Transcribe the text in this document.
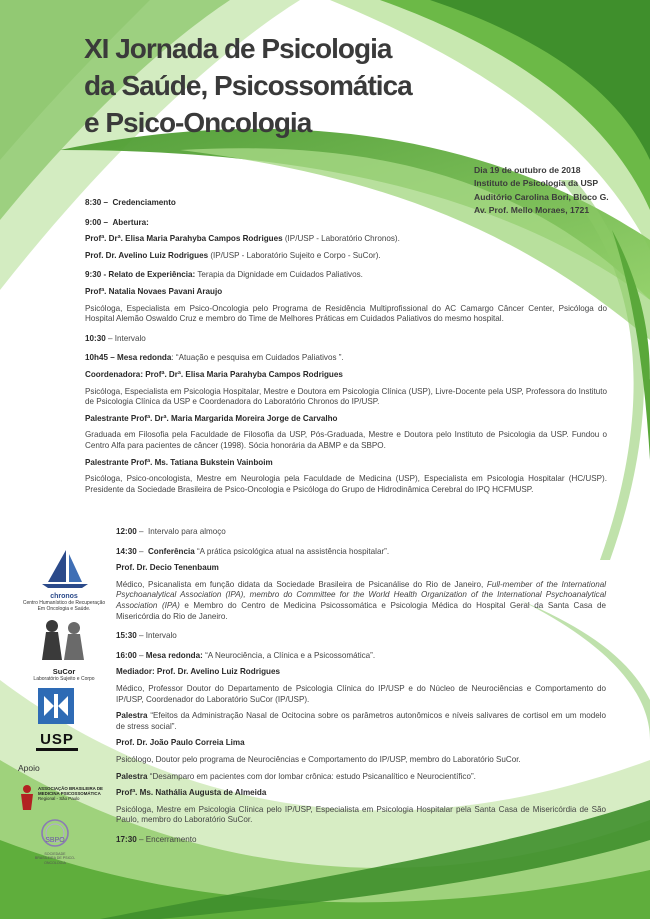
XI Jornada de Psicologia
da Saúde, Psicossomática
e Psico-Oncologia
Dia 19 de outubro de 2018
Instituto de Psicologia da USP
Auditório Carolina Bori, Bloco G.
Av. Prof. Mello Moraes, 1721

8:30 –  Credenciamento

9:00 –  Abertura:

Profª. Drª. Elisa Maria Parahyba Campos Rodrigues (IP/USP - Laboratório Chronos).

Prof. Dr. Avelino Luiz Rodrigues (IP/USP - Laboratório Sujeito e Corpo - SuCor).

9:30 - Relato de Experiência: Terapia da Dignidade em Cuidados Paliativos.

Profª. Natalia Novaes Pavani Araujo

Psicóloga, Especialista em Psico-Oncologia pelo Programa de Residência Multiprofissional do AC Camargo Câncer Center, Psicóloga do Hospital Alemão Oswaldo Cruz e membro do Time de Melhores Práticas em Cuidados Paliativos do mesmo hospital.

10:30 – Intervalo

10h45 – Mesa redonda: “Atuação e pesquisa em Cuidados Paliativos ”.

Coordenadora: Profª. Drª. Elisa Maria Parahyba Campos Rodrigues

Psicóloga, Especialista em Psicologia Hospitalar, Mestre e Doutora em Psicologia Clínica (USP), Livre-Docente pela USP, Professora do Instituto de Psicologia Clínica da USP e Coordenadora do Laboratório Chronos do IP/USP.

Palestrante Profª. Drª. Maria Margarida Moreira Jorge de Carvalho

Graduada em Filosofia pela Faculdade de Filosofia da USP, Pós-Graduada, Mestre e Doutora pelo Instituto de Psicologia da USP. Fundou o Centro Alfa para pacientes de câncer (1998). Sócia honorária da ABMP e da SBPO.

Palestrante Profª. Ms. Tatiana Bukstein Vainboim

Psicóloga, Psico-oncologista, Mestre em Neurologia pela Faculdade de Medicina (USP), Especialista em Psicologia Hospitalar (HC/USP). Presidente da Sociedade Brasileira de Psico-Oncologia e Psicóloga do Grupo de Hidrodinâmica Cerebral do IPQ HCFMUSP.

12:00 –  Intervalo para almoço

14:30 –  Conferência “A prática psicológica atual na assistência hospitalar”.

Prof. Dr. Decio Tenenbaum

Médico, Psicanalista em função didata da Sociedade Brasileira de Psicanálise do Rio de Janeiro, Full-member of the International Psychoanalytical Association (IPA), membro do Committee for the World Health Organization of the International Psychoanalytical Association (IPA) e Membro do Centro de Medicina Psicossomática e Psicologia Médica do Hospital Geral da Santa Casa de Misericórdia do Rio de Janeiro.

15:30 – Intervalo

16:00 – Mesa redonda: “A Neurociência, a Clínica e a Psicossomática”.

Mediador: Prof. Dr. Avelino Luiz Rodrigues

Médico, Professor Doutor do Departamento de Psicologia Clínica do IP/USP e do Núcleo de Neurociências e Comportamento do IP/USP, Coordenador do Laboratório SuCor (IP/USP).

Palestra “Efeitos da Administração Nasal de Ocitocina sobre os parâmetros autonômicos e níveis salivares de cortisol em um modelo de stress social”.

Prof. Dr. João Paulo Correia Lima

Psicólogo, Doutor pelo programa de Neurociências e Comportamento do IP/USP, membro do Laboratório SuCor.

Palestra “Desamparo em pacientes com dor lombar crônica: estudo Psicanalítico e Neurocientífico”.

Profª. Ms. Nathália Augusta de Almeida

Psicóloga, Mestre em Psicologia Clínica pelo IP/USP, Especialista em Psicologia Hospitalar pela Santa Casa de Misericórdia de São Paulo, membro do Laboratório SuCor.

17:30 – Encerramento

chronos
Centro Humanístico de Recuperação Em Oncologia e Saúde.
SuCor
Laboratório Sujeito e Corpo
USP
Apoio
ASSOCIAÇÃO BRASILEIRA DE
MEDICINA PSICOSSOMÁTICA
Regional - São Paulo
SBPO
SOCIEDADE BRASILEIRA DE PSICO-ONCOLOGIA
